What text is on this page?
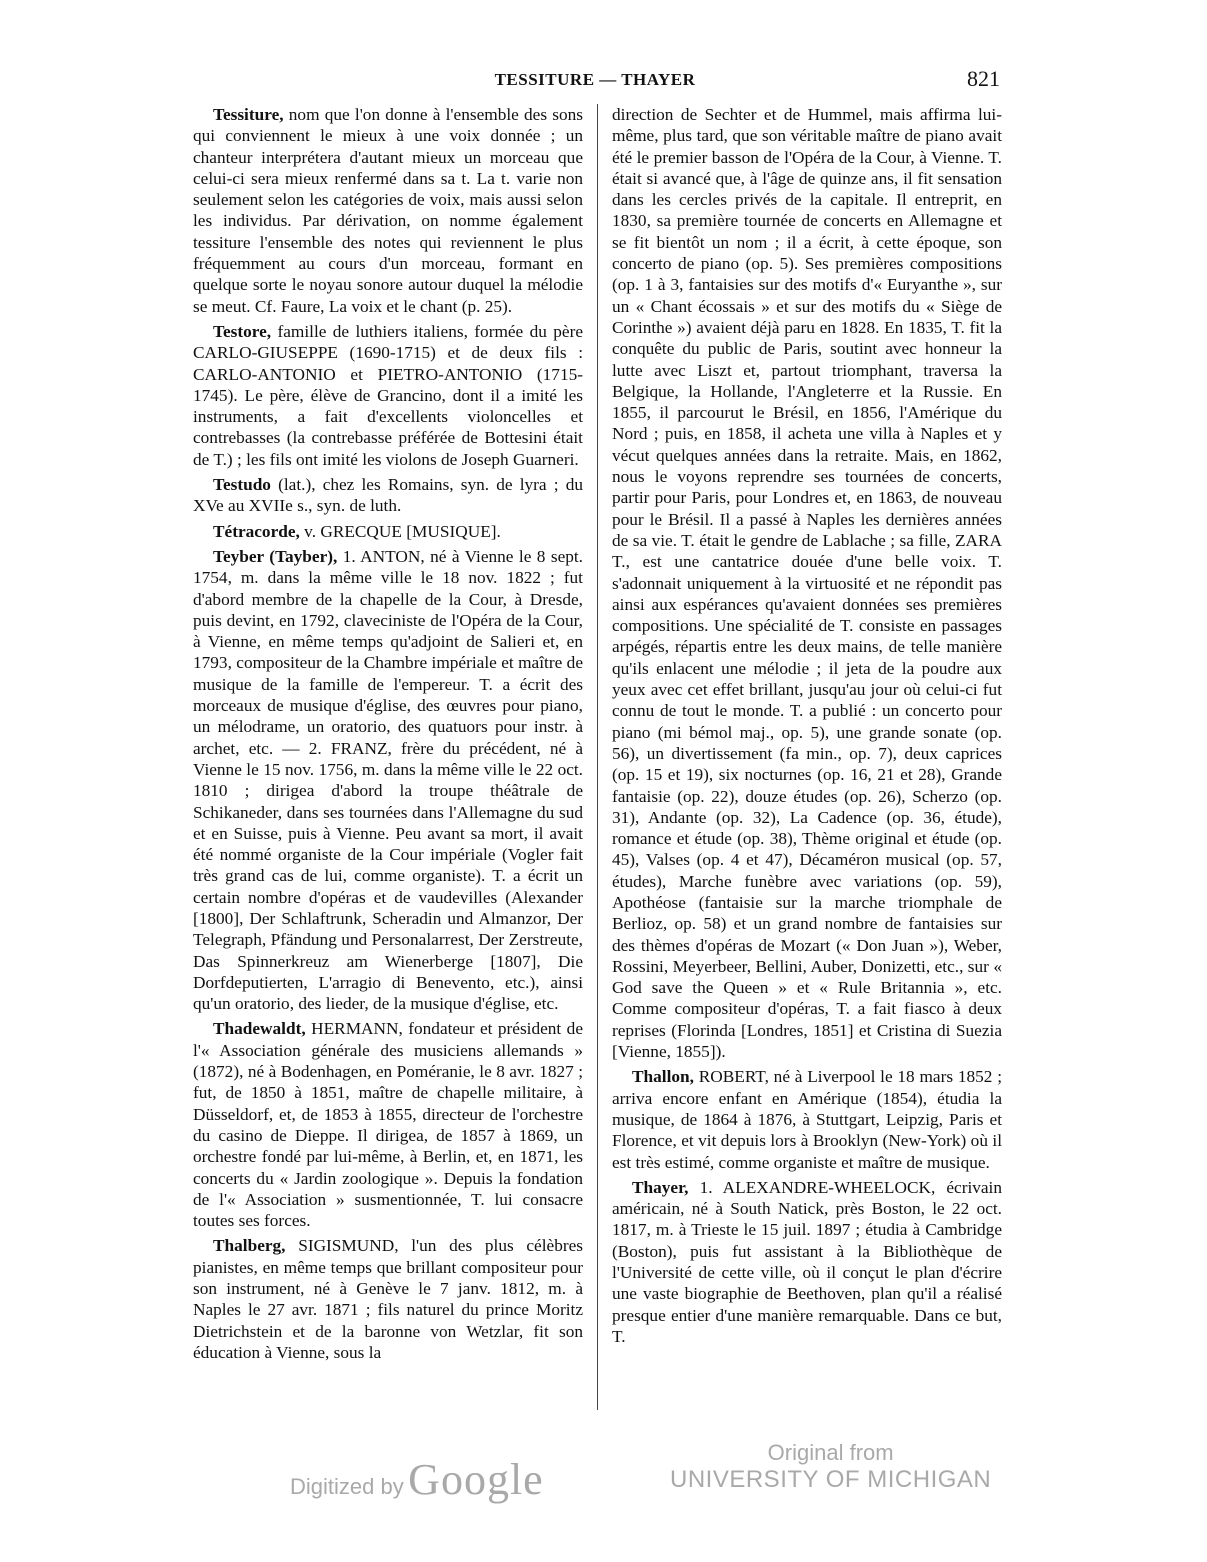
TESSITURE — THAYER	821

Tessiture, nom que l'on donne à l'ensemble des sons qui conviennent le mieux à une voix donnée ; un chanteur interprétera d'autant mieux un morceau que celui-ci sera mieux renfermé dans sa t. La t. varie non seulement selon les catégories de voix, mais aussi selon les individus. Par dérivation, on nomme également tessiture l'ensemble des notes qui reviennent le plus fréquemment au cours d'un morceau, formant en quelque sorte le noyau sonore autour duquel la mélodie se meut. Cf. Faure, La voix et le chant (p. 25).

Testore, famille de luthiers italiens, formée du père CARLO-GIUSEPPE (1690-1715) et de deux fils : CARLO-ANTONIO et PIETRO-ANTONIO (1715-1745). Le père, élève de Grancino, dont il a imité les instruments, a fait d'excellents violoncelles et contrebasses (la contrebasse préférée de Bottesini était de T.) ; les fils ont imité les violons de Joseph Guarneri.

Testudo (lat.), chez les Romains, syn. de lyra ; du XVe au XVIIe s., syn. de luth.

Tétracorde, v. GRECQUE [MUSIQUE].

Teyber (Tayber), 1. ANTON, né à Vienne le 8 sept. 1754, m. dans la même ville le 18 nov. 1822 ; fut d'abord membre de la chapelle de la Cour, à Dresde, puis devint, en 1792, claveciniste de l'Opéra de la Cour, à Vienne, en même temps qu'adjoint de Salieri et, en 1793, compositeur de la Chambre impériale et maître de musique de la famille de l'empereur. T. a écrit des morceaux de musique d'église, des œuvres pour piano, un mélodrame, un oratorio, des quatuors pour instr. à archet, etc. — 2. FRANZ, frère du précédent, né à Vienne le 15 nov. 1756, m. dans la même ville le 22 oct. 1810 ; dirigea d'abord la troupe théâtrale de Schikaneder, dans ses tournées dans l'Allemagne du sud et en Suisse, puis à Vienne. Peu avant sa mort, il avait été nommé organiste de la Cour impériale (Vogler fait très grand cas de lui, comme organiste). T. a écrit un certain nombre d'opéras et de vaudevilles (Alexander [1800], Der Schlaftrunk, Scheradin und Almanzor, Der Telegraph, Pfändung und Personalarrest, Der Zerstreute, Das Spinnerkreuz am Wienerberge [1807], Die Dorfdeputierten, L'arragio di Benevento, etc.), ainsi qu'un oratorio, des lieder, de la musique d'église, etc.

Thadewaldt, HERMANN, fondateur et président de l'« Association générale des musiciens allemands » (1872), né à Bodenhagen, en Poméranie, le 8 avr. 1827 ; fut, de 1850 à 1851, maître de chapelle militaire, à Düsseldorf, et, de 1853 à 1855, directeur de l'orchestre du casino de Dieppe. Il dirigea, de 1857 à 1869, un orchestre fondé par lui-même, à Berlin, et, en 1871, les concerts du « Jardin zoologique ». Depuis la fondation de l'« Association » susmentionnée, T. lui consacre toutes ses forces.

Thalberg, SIGISMUND, l'un des plus célèbres pianistes, en même temps que brillant compositeur pour son instrument, né à Genève le 7 janv. 1812, m. à Naples le 27 avr. 1871 ; fils naturel du prince Moritz Dietrichstein et de la baronne von Wetzlar, fit son éducation à Vienne, sous la

direction de Sechter et de Hummel, mais affirma lui-même, plus tard, que son véritable maître de piano avait été le premier basson de l'Opéra de la Cour, à Vienne. T. était si avancé que, à l'âge de quinze ans, il fit sensation dans les cercles privés de la capitale. Il entreprit, en 1830, sa première tournée de concerts en Allemagne et se fit bientôt un nom ; il a écrit, à cette époque, son concerto de piano (op. 5). Ses premières compositions (op. 1 à 3, fantaisies sur des motifs d'« Euryanthe », sur un « Chant écossais » et sur des motifs du « Siège de Corinthe ») avaient déjà paru en 1828. En 1835, T. fit la conquête du public de Paris, soutint avec honneur la lutte avec Liszt et, partout triomphant, traversa la Belgique, la Hollande, l'Angleterre et la Russie. En 1855, il parcourut le Brésil, en 1856, l'Amérique du Nord ; puis, en 1858, il acheta une villa à Naples et y vécut quelques années dans la retraite. Mais, en 1862, nous le voyons reprendre ses tournées de concerts, partir pour Paris, pour Londres et, en 1863, de nouveau pour le Brésil. Il a passé à Naples les dernières années de sa vie. T. était le gendre de Lablache ; sa fille, ZARA T., est une cantatrice douée d'une belle voix. T. s'adonnait uniquement à la virtuosité et ne répondit pas ainsi aux espérances qu'avaient données ses premières compositions. Une spécialité de T. consiste en passages arpégés, répartis entre les deux mains, de telle manière qu'ils enlacent une mélodie ; il jeta de la poudre aux yeux avec cet effet brillant, jusqu'au jour où celui-ci fut connu de tout le monde. T. a publié : un concerto pour piano (mi bémol maj., op. 5), une grande sonate (op. 56), un divertissement (fa min., op. 7), deux caprices (op. 15 et 19), six nocturnes (op. 16, 21 et 28), Grande fantaisie (op. 22), douze études (op. 26), Scherzo (op. 31), Andante (op. 32), La Cadence (op. 36, étude), romance et étude (op. 38), Thème original et étude (op. 45), Valses (op. 4 et 47), Décaméron musical (op. 57, études), Marche funèbre avec variations (op. 59), Apothéose (fantaisie sur la marche triomphale de Berlioz, op. 58) et un grand nombre de fantaisies sur des thèmes d'opéras de Mozart (« Don Juan »), Weber, Rossini, Meyerbeer, Bellini, Auber, Donizetti, etc., sur « God save the Queen » et « Rule Britannia », etc. Comme compositeur d'opéras, T. a fait fiasco à deux reprises (Florinda [Londres, 1851] et Cristina di Suezia [Vienne, 1855]).

Thallon, ROBERT, né à Liverpool le 18 mars 1852 ; arriva encore enfant en Amérique (1854), étudia la musique, de 1864 à 1876, à Stuttgart, Leipzig, Paris et Florence, et vit depuis lors à Brooklyn (New-York) où il est très estimé, comme organiste et maître de musique.

Thayer, 1. ALEXANDRE-WHEELOCK, écrivain américain, né à South Natick, près Boston, le 22 oct. 1817, m. à Trieste le 15 juil. 1897 ; étudia à Cambridge (Boston), puis fut assistant à la Bibliothèque de l'Université de cette ville, où il conçut le plan d'écrire une vaste biographie de Beethoven, plan qu'il a réalisé presque entier d'une manière remarquable. Dans ce but, T.

Digitized by Google
Original from
UNIVERSITY OF MICHIGAN
